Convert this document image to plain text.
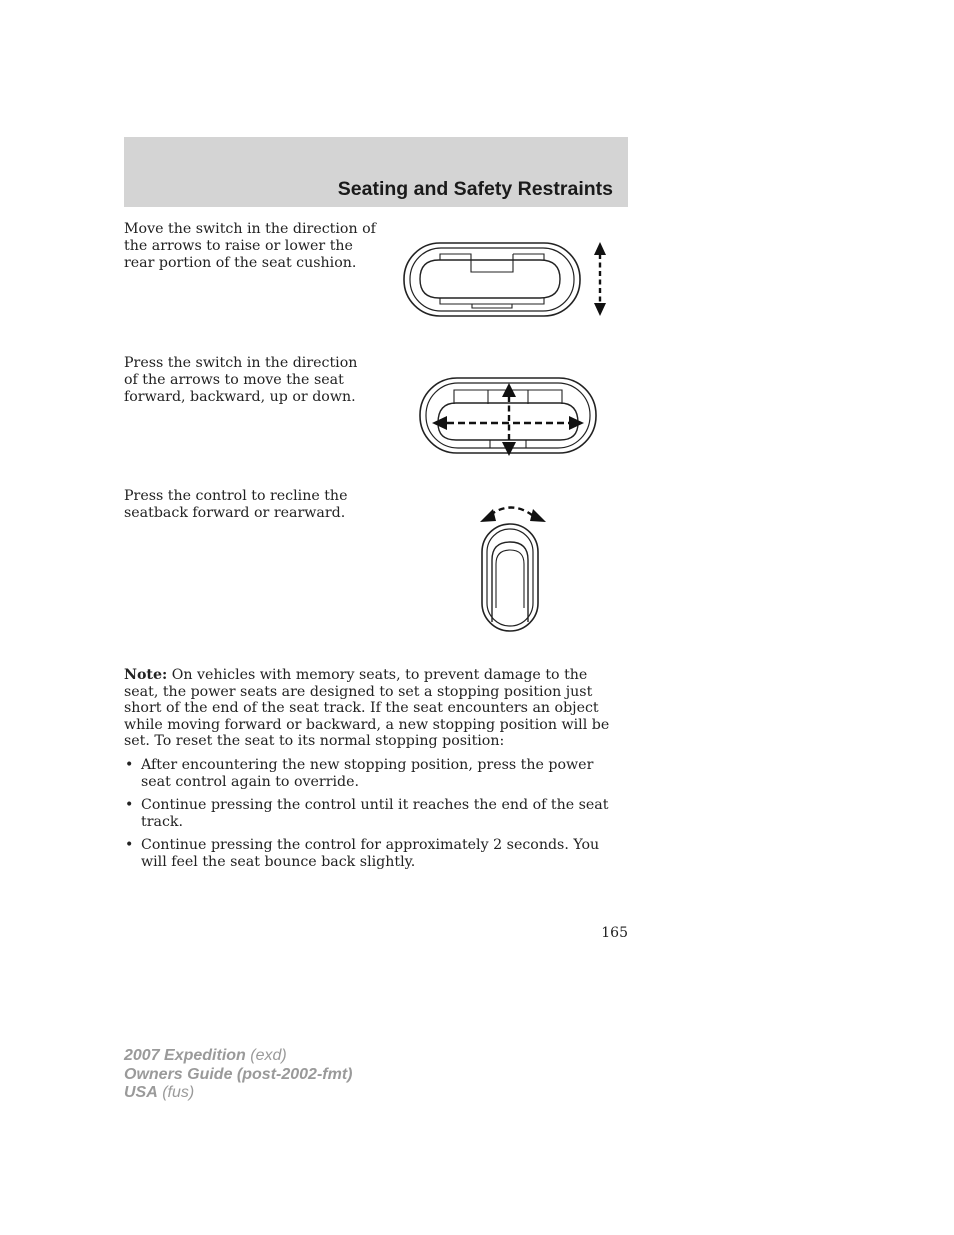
Seating and Safety Restraints

Move the switch in the direction of the arrows to raise or lower the rear portion of the seat cushion.

Press the switch in the direction of the arrows to move the seat forward, backward, up or down.

Press the control to recline the seatback forward or rearward.

Note: On vehicles with memory seats, to prevent damage to the seat, the power seats are designed to set a stopping position just short of the end of the seat track. If the seat encounters an object while moving forward or backward, a new stopping position will be set. To reset the seat to its normal stopping position:

• After encountering the new stopping position, press the power seat control again to override.
• Continue pressing the control until it reaches the end of the seat track.
• Continue pressing the control for approximately 2 seconds. You will feel the seat bounce back slightly.

165

2007 Expedition (exd)
Owners Guide (post-2002-fmt)
USA (fus)
